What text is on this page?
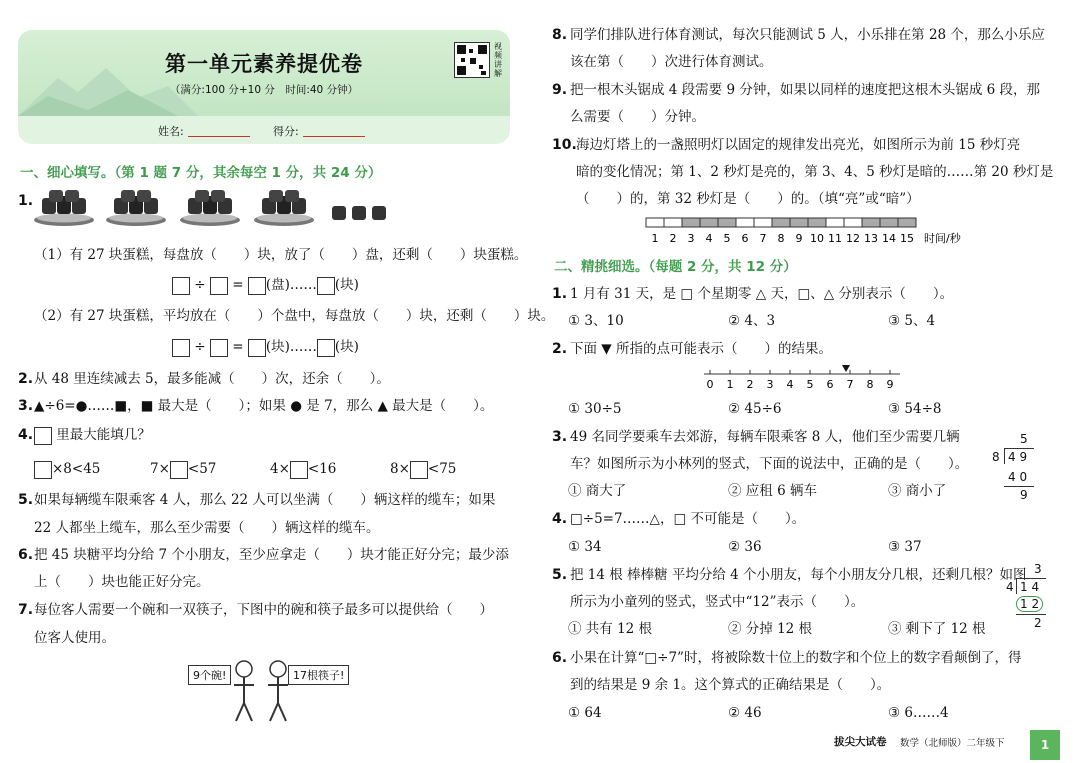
第一单元素养提优卷
（满分:100 分+10 分　时间:40 分钟）
视频讲解
姓名:	得分:
一、细心填写。（第 1 题 7 分，其余每空 1 分，共 24 分）
1.
（1）有 27 块蛋糕，每盘放（　　）块，放了（　　）盘，还剩（　　）块蛋糕。
÷  = (盘)…… (块)
（2）有 27 块蛋糕，平均放在（　　）个盘中，每盘放（　　）块，还剩（　　）块。
÷  = (块)…… (块)
2. 从 48 里连续减去 5，最多能减（　　）次，还余（　　）。
3. ▲÷6=●……■，■ 最大是（　　）；如果 ● 是 7，那么 ▲ 最大是（　　）。
4.	里最大能填几？
×8<45	7× <57	4× <16	8× <75
5. 如果每辆缆车限乘客 4 人，那么 22 人可以坐满（　　）辆这样的缆车；如果
22 人都坐上缆车，那么至少需要（　　）辆这样的缆车。
6. 把 45 块糖平均分给 7 个小朋友，至少应拿走（　　）块才能正好分完；最少添
上（　　）块也能正好分完。
7. 每位客人需要一个碗和一双筷子，下图中的碗和筷子最多可以提供给（　　）
位客人使用。
9个碗!	17根筷子!
8. 同学们排队进行体育测试，每次只能测试 5 人，小乐排在第 28 个，那么小乐应
该在第（　　）次进行体育测试。
9. 把一根木头锯成 4 段需要 9 分钟，如果以同样的速度把这根木头锯成 6 段，那
么需要（　　）分钟。
10. 海边灯塔上的一盏照明灯以固定的规律发出亮光，如图所示为前 15 秒灯亮
暗的变化情况；第 1、2 秒灯是亮的，第 3、4、5 秒灯是暗的……第 20 秒灯是
（　　）的，第 32 秒灯是（　　）的。（填“亮”或“暗”）
1 2 3 4 5 6 7 8 9 10 11 12 13 14 15 时间/秒
二、精挑细选。（每题 2 分，共 12 分）
1. 1 月有 31 天，是 □ 个星期零 △ 天，□、△ 分别表示（　　）。
① 3、10	② 4、3	③ 5、4
2. 下面 ▼ 所指的点可能表示（　　）的结果。
0 1 2 3 4 5 6 7 8 9
① 30÷5	② 45÷6	③ 54÷8
3. 49 名同学要乘车去郊游，每辆车限乘客 8 人，他们至少需要几辆
车？如图所示为小林列的竖式，下面的说法中，正确的是（　　）。
① 商大了	② 应租 6 辆车	③ 商小了
5
8 4 9
4 0
9
4. □÷5=7……△，□ 不可能是（　　）。
① 34	② 36	③ 37
5. 把 14 根 棒棒糖 平均分给 4 个小朋友，每个小朋友分几根，还剩几根？如图
所示为小童列的竖式，竖式中“12”表示（　　）。
① 共有 12 根	② 分掉 12 根	③ 剩下了 12 根
3
4 1 4
1 2
2
6. 小果在计算“□÷7”时，将被除数十位上的数字和个位上的数字看颠倒了，得
到的结果是 9 余 1。这个算式的正确结果是（　　）。
① 64	② 46	③ 6……4
拔尖大试卷 数学（北师版）二年级下	1
